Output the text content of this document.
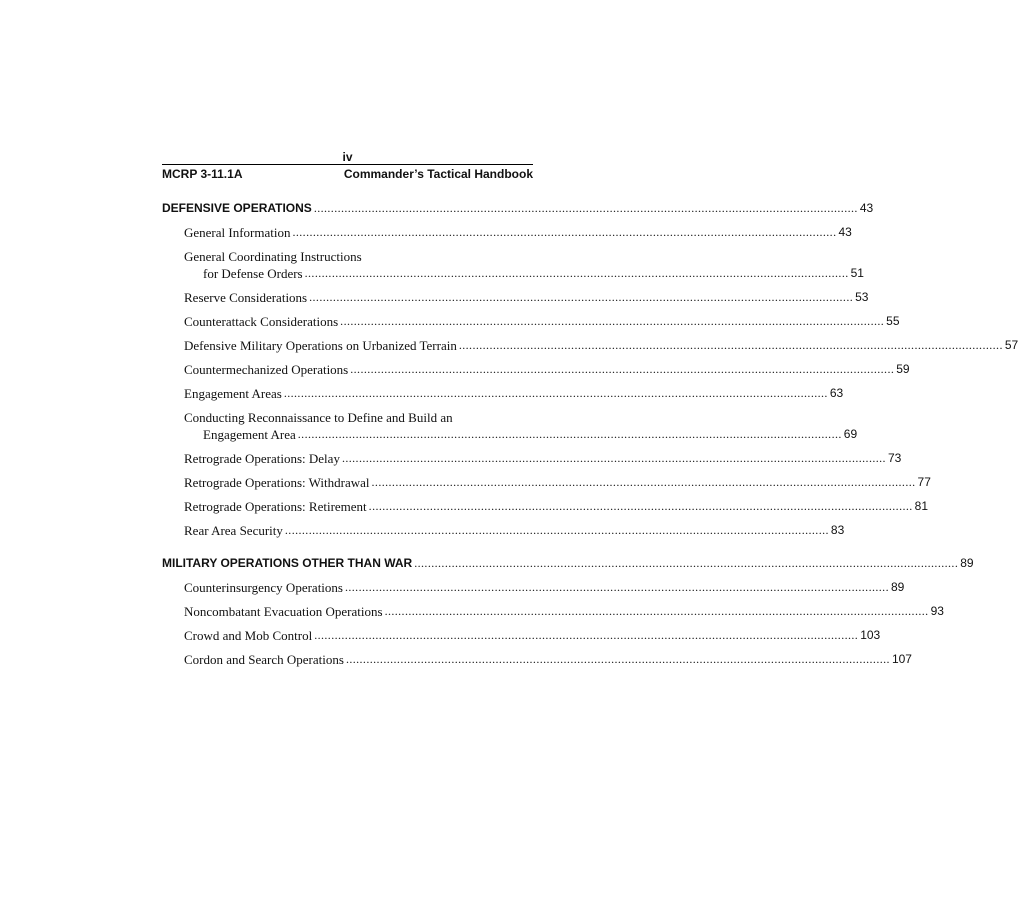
iv
MCRP 3-11.1A	Commander’s Tactical Handbook
DEFENSIVE OPERATIONS .....	43
General Information .....	43
General Coordinating Instructions
for Defense Orders .....	51
Reserve Considerations .....	53
Counterattack Considerations .....	55
Defensive Military Operations on Urbanized Terrain .....	57
Countermechanized Operations .....	59
Engagement Areas .....	63
Conducting Reconnaissance to Define and Build an
Engagement Area .....	69
Retrograde Operations: Delay .....	73
Retrograde Operations: Withdrawal .....	77
Retrograde Operations: Retirement .....	81
Rear Area Security .....	83
MILITARY OPERATIONS OTHER THAN WAR .....	89
Counterinsurgency Operations .....	89
Noncombatant Evacuation Operations .....	93
Crowd and Mob Control .....	103
Cordon and Search Operations .....	107
